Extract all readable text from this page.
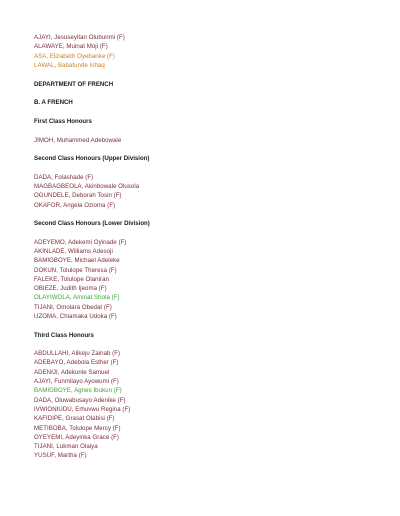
AJAYI, Jesuseyitan Olubunmi (F)
ALAWAYE, Muinat Moji (F)
ASA, Elizabeth Oyebanke (F)
LAWAL, Babatunde Ishaq
DEPARTMENT OF FRENCH
B. A FRENCH
First Class Honours
JIMOH, Muhammed Adebowale
Second Class Honours (Upper Division)
DADA, Folashade (F)
MAGBAGBEOLA, Akinbowale Olusola
OGUNDELE, Deborah Tosin (F)
OKAFOR, Angela Ozioma (F)
Second Class Honours (Lower Division)
ADEYEMO, Adekemi Oyinade (F)
AKINLADE, Williams Adesoji
BAMIGBOYE, Michael Adeleke
DOKUN, Tolulope Theresa (F)
FALEKE, Tolulope Olaniran
OBIEZE, Judith Ijeoma (F)
OLAYIWOLA, Aminat Shola (F)
TIJANI, Omolara Obedat (F)
UZOMA, Chiamaka Udoka (F)
Third Class Honours
ABDULLAHI, Alikeju Zainab (F)
ADEBAYO, Adebola Esther (F)
ADENIJI, Adekunle Samuel
AJAYI, Funmilayo Ayowumi (F)
BAMIGBOYE, Agnes Ibukun (F)
DADA, Oluwabusayo Adenike (F)
IVWIONIUDU, Erhuvwu Regina (F)
KAFIDIPE, Grasat Olabisi (F)
METIBOBA, Tolulope Mercy (F)
OYEYEMI, Adeyinka Grace (F)
TIJANI, Lukman Olaiya
YUSUF, Martha (F)
